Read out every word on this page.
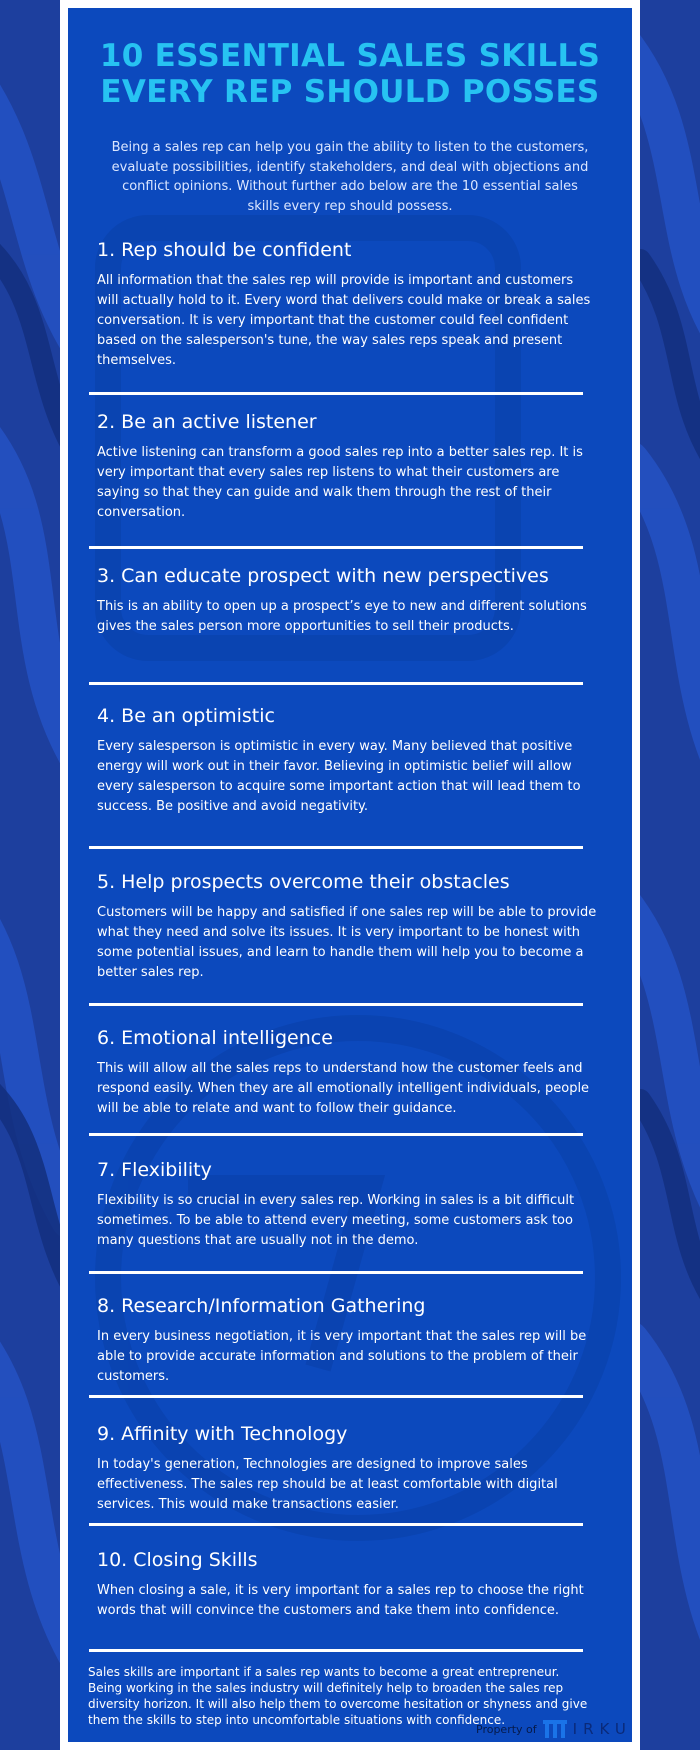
10 ESSENTIAL SALES SKILLS
EVERY REP SHOULD POSSES

Being a sales rep can help you gain the ability to listen to the customers, evaluate possibilities, identify stakeholders, and deal with objections and conflict opinions. Without further ado below are the 10 essential sales skills every rep should possess.

1. Rep should be confident

All information that the sales rep will provide is important and customers will actually hold to it. Every word that delivers could make or break a sales conversation. It is very important that the customer could feel confident based on the salesperson's tune, the way sales reps speak and present themselves.

2. Be an active listener

Active listening can transform a good sales rep into a better sales rep. It is very important that every sales rep listens to what their customers are saying so that they can guide and walk them through the rest of their conversation.

3. Can educate prospect with new perspectives

This is an ability to open up a prospect’s eye to new and different solutions gives the sales person more opportunities to sell their products.

4. Be an optimistic

Every salesperson is optimistic in every way. Many believed that positive energy will work out in their favor. Believing in optimistic belief will allow every salesperson to acquire some important action that will lead them to success. Be positive and avoid negativity.

5. Help prospects overcome their obstacles

Customers will be happy and satisfied if one sales rep will be able to provide what they need and solve its issues. It is very important to be honest with some potential issues, and learn to handle them will help you to become a better sales rep.

6. Emotional intelligence

This will allow all the sales reps to understand how the customer feels and respond easily. When they are all emotionally intelligent individuals, people will be able to relate and want to follow their guidance.

7. Flexibility

Flexibility is so crucial in every sales rep. Working in sales is a bit difficult sometimes. To be able to attend every meeting, some customers ask too many questions that are usually not in the demo.

8. Research/Information Gathering

In every business negotiation, it is very important that the sales rep will be able to provide accurate information and solutions to the problem of their customers.

9. Affinity with Technology

In today's generation, Technologies are designed to improve sales effectiveness. The sales rep should be at least comfortable with digital services. This would make transactions easier.

10. Closing Skills

When closing a sale, it is very important for a sales rep to choose the right words that will convince the customers and take them into confidence.

Sales skills are important if a sales rep wants to become a great entrepreneur. Being working in the sales industry will definitely help to broaden the sales rep diversity horizon. It will also help them to overcome hesitation or shyness and give them the skills to step into uncomfortable situations with confidence.

Property of IRKU
